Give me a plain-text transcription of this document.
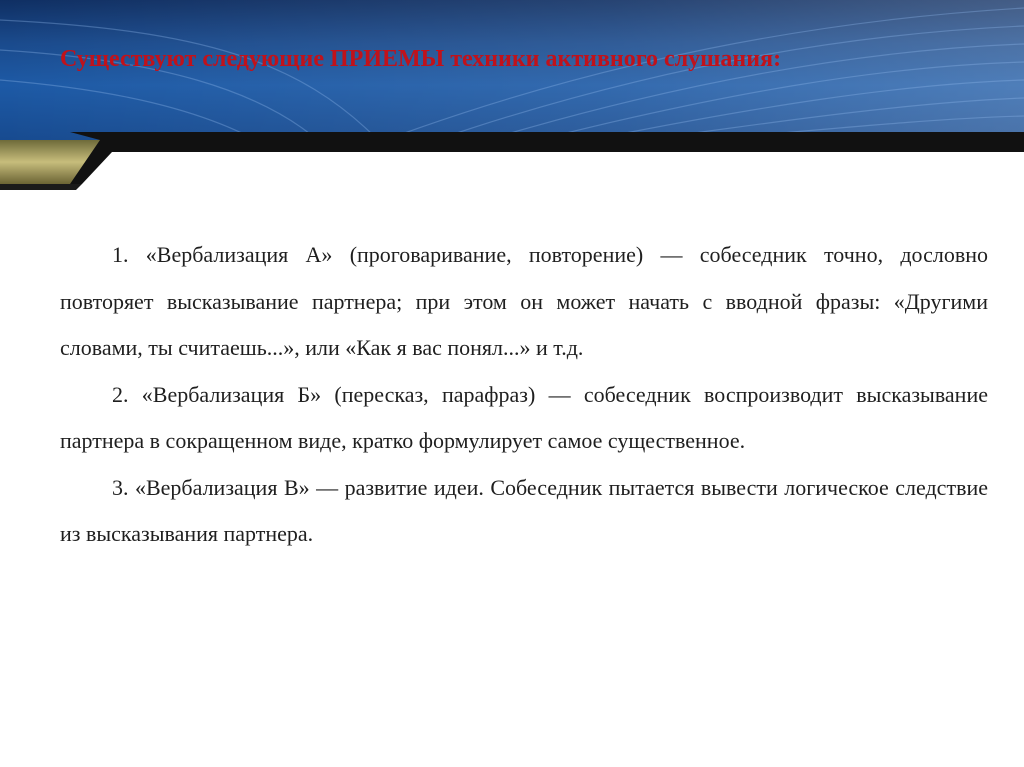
Существуют следующие ПРИЕМЫ техники активного слушания:

1. «Вербализация А» (проговаривание, повторение) — собеседник точно, дословно повторяет высказывание партнера; при этом он может начать с вводной фразы: «Другими словами, ты считаешь...», или «Как я вас понял...» и т.д.

2. «Вербализация Б» (пересказ, парафраз) — собеседник воспроизводит высказывание партнера в сокращенном виде, кратко формулирует самое существенное.

3. «Вербализация В» — развитие идеи. Собеседник пытается вывести логическое следствие из высказывания партнера.
